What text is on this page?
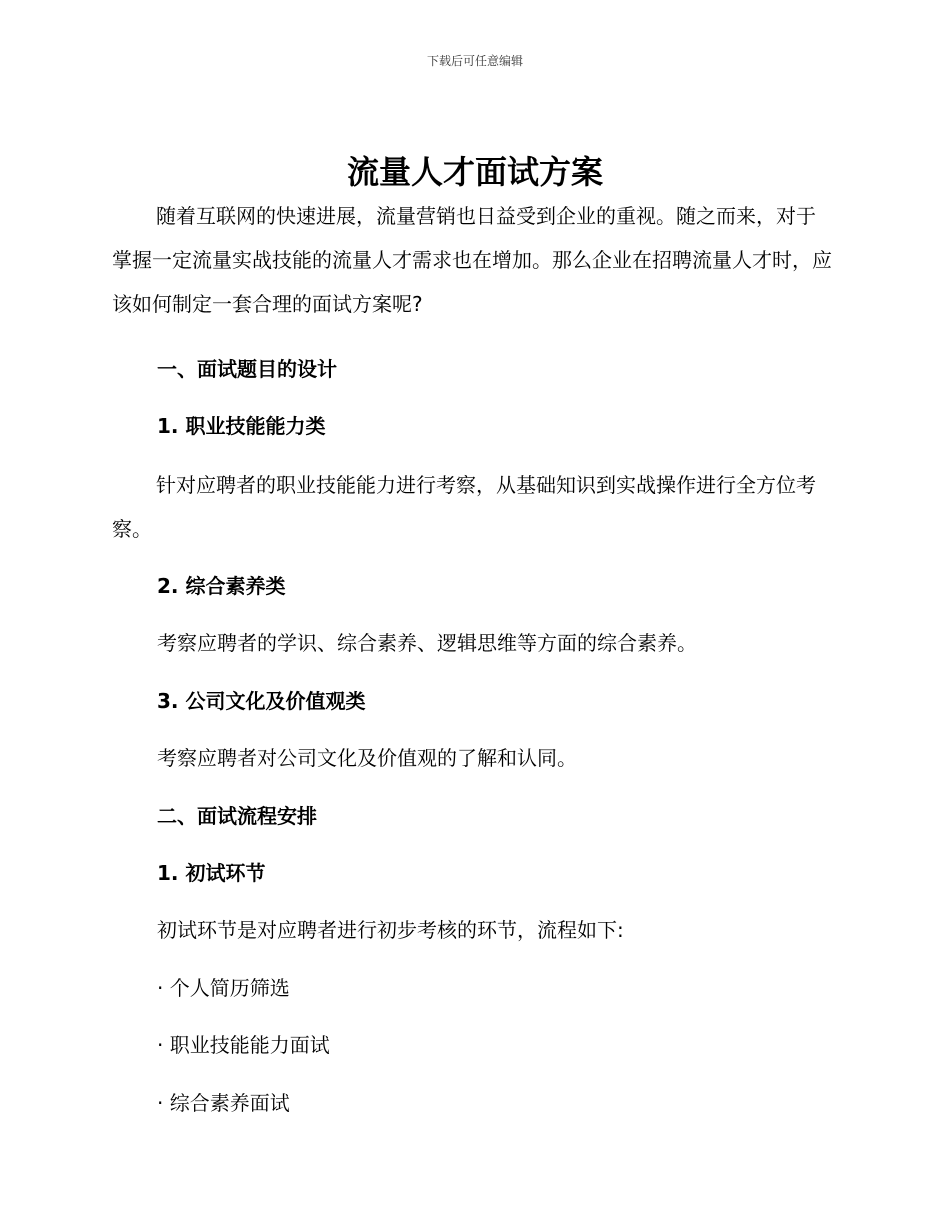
下载后可任意编辑
流量人才面试方案

随着互联网的快速进展，流量营销也日益受到企业的重视。随之而来，对于掌握一定流量实战技能的流量人才需求也在增加。那么企业在招聘流量人才时，应该如何制定一套合理的面试方案呢?

一、面试题目的设计

1. 职业技能能力类

针对应聘者的职业技能能力进行考察，从基础知识到实战操作进行全方位考察。

2. 综合素养类

考察应聘者的学识、综合素养、逻辑思维等方面的综合素养。

3. 公司文化及价值观类

考察应聘者对公司文化及价值观的了解和认同。

二、面试流程安排

1. 初试环节

初试环节是对应聘者进行初步考核的环节，流程如下:

· 个人简历筛选

· 职业技能能力面试

· 综合素养面试
